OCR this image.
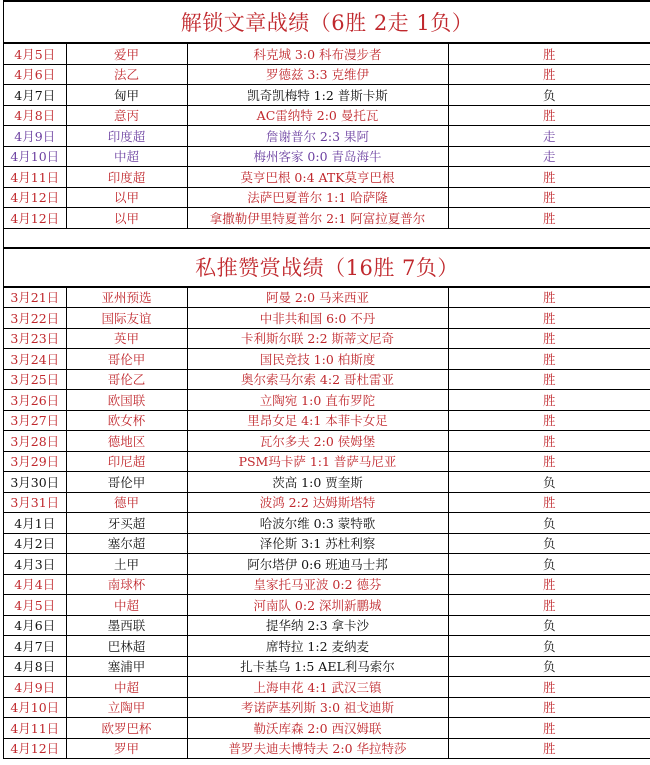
解锁文章战绩（6胜 2走 1负）
4月5日	爱甲	科克城 3:0 科布漫步者	胜
4月6日	法乙	罗德兹 3:3 克维伊	胜
4月7日	匈甲	凯奇凯梅特 1:2 普斯卡斯	负
4月8日	意丙	AC雷纳特 2:0 曼托瓦	胜
4月9日	印度超	詹谢普尔 2:3 果阿	走
4月10日	中超	梅州客家 0:0 青岛海牛	走
4月11日	印度超	莫亨巴根 0:4 ATK莫亨巴根	胜
4月12日	以甲	法萨巴夏普尔 1:1 哈萨隆	胜
4月12日	以甲	拿撒勒伊里特夏普尔 2:1 阿富拉夏普尔	胜
私推赞赏战绩（16胜 7负）
3月21日	亚州预选	阿曼 2:0 马来西亚	胜
3月22日	国际友谊	中非共和国 6:0 不丹	胜
3月23日	英甲	卡利斯尔联 2:2 斯蒂文尼奇	胜
3月24日	哥伦甲	国民竞技 1:0 柏斯度	胜
3月25日	哥伦乙	奥尔索马尔索 4:2 哥杜雷亚	胜
3月26日	欧国联	立陶宛 1:0 直布罗陀	胜
3月27日	欧女杯	里昂女足 4:1 本菲卡女足	胜
3月28日	德地区	瓦尔多夫 2:0 侯姆堡	胜
3月29日	印尼超	PSM玛卡萨 1:1 普萨马尼亚	胜
3月30日	哥伦甲	茨高 1:0 贾奎斯	负
3月31日	德甲	波鸿 2:2 达姆斯塔特	胜
4月1日	牙买超	哈波尔维 0:3 蒙特歌	负
4月2日	塞尔超	泽伦斯 3:1 苏杜利察	负
4月3日	土甲	阿尔塔伊 0:6 班迪马士邦	负
4月4日	南球杯	皇家托马亚波 0:2 德芬	胜
4月5日	中超	河南队 0:2 深圳新鹏城	胜
4月6日	墨西联	提华纳 2:3 拿卡沙	负
4月7日	巴林超	席特拉 1:2 麦纳麦	负
4月8日	塞浦甲	扎卡基乌 1:5 AEL利马索尔	负
4月9日	中超	上海申花 4:1 武汉三镇	胜
4月10日	立陶甲	考诺萨基列斯 3:0 祖戈迪斯	胜
4月11日	欧罗巴杯	勒沃库森 2:0 西汉姆联	胜
4月12日	罗甲	普罗夫迪夫博特夫 2:0 华拉特莎	胜
